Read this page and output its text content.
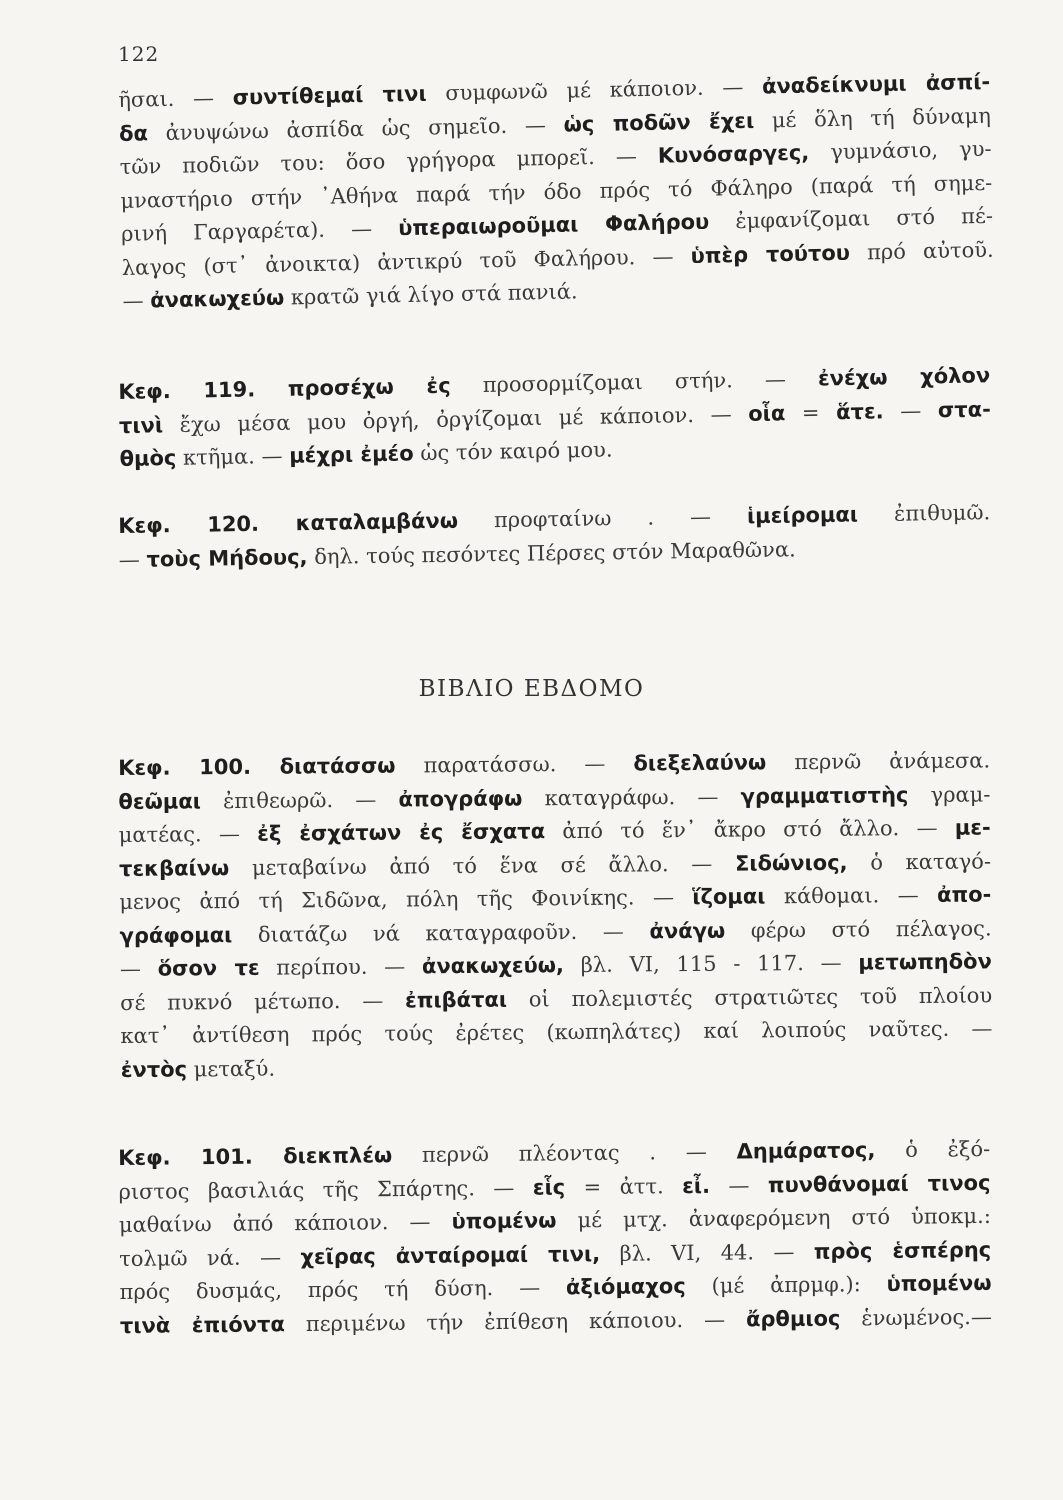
122
ῆσαι. — συντίθεμαί τινι συμφωνῶ μέ κάποιον. — ἀναδείκνυμι ἀσπί-
δα ἀνυψώνω ἀσπίδα ὡς σημεῖο. — ὡς ποδῶν ἔχει μέ ὅλη τή δύναμη
τῶν ποδιῶν του: ὅσο γρήγορα μπορεῖ. — Κυνόσαργες, γυμνάσιο, γυ-
μναστήριο στήν ᾿Αθήνα παρά τήν όδο πρός τό Φάληρο (παρά τή σημε-
ρινή Γαργαρέτα). — ὑπεραιωροῦμαι Φαλήρου ἐμφανίζομαι στό πέ-
λαγος (στ᾿ ἀνοικτα) ἀντικρύ τοῦ Φαλήρου. — ὑπὲρ τούτου πρό αὐτοῦ.
— ἀνακωχεύω κρατῶ γιά λίγο στά πανιά.
Κεφ. 119. προσέχω ἐς προσορμίζομαι στήν. — ἐνέχω χόλον
τινὶ ἔχω μέσα μου ὀργή, ὀργίζομαι μέ κάποιον. — οἷα = ἅτε. — στα-
θμὸς κτῆμα. — μέχρι ἐμέο ὡς τόν καιρό μου.
Κεφ. 120. καταλαμβάνω προφταίνω . — ἱμείρομαι ἐπιθυμῶ.
— τοὺς Μήδους, δηλ. τούς πεσόντες Πέρσες στόν Μαραθῶνα.
ΒΙΒΛΙΟ ΕΒΔΟΜΟ
Κεφ. 100. διατάσσω παρατάσσω. — διεξελαύνω περνῶ ἀνάμεσα.
θεῶμαι ἐπιθεωρῶ. — ἀπογράφω καταγράφω. — γραμματιστὴς γραμ-
ματέας. — ἐξ ἐσχάτων ἐς ἔσχατα ἀπό τό ἕν᾿ ἄκρο στό ἄλλο. — με-
τεκβαίνω μεταβαίνω ἀπό τό ἕνα σέ ἄλλο. — Σιδώνιος, ὁ καταγό-
μενος ἀπό τή Σιδῶνα, πόλη τῆς Φοινίκης. — ἵζομαι κάθομαι. — ἀπο-
γράφομαι διατάζω νά καταγραφοῦν. — ἀνάγω φέρω στό πέλαγος.
— ὅσον τε περίπου. — ἀνακωχεύω, βλ. VI, 115 - 117. — μετωπηδὸν
σέ πυκνό μέτωπο. — ἐπιβάται οἱ πολεμιστές στρατιῶτες τοῦ πλοίου
κατ᾿ ἀντίθεση πρός τούς ἐρέτες (κωπηλάτες) καί λοιπούς ναῦτες. —
ἐντὸς μεταξύ.
Κεφ. 101. διεκπλέω περνῶ πλέοντας . — Δημάρατος, ὁ ἐξό-
ριστος βασιλιάς τῆς Σπάρτης. — εἷς = ἀττ. εἶ. — πυνθάνομαί τινος
μαθαίνω ἀπό κάποιον. — ὑπομένω μέ μτχ. ἀναφερόμενη στό ὑποκμ.:
τολμῶ νά. — χεῖρας ἀνταίρομαί τινι, βλ. VI, 44. — πρὸς ἑσπέρης
πρός δυσμάς, πρός τή δύση. — ἀξιόμαχος (μέ ἀπρμφ.): ὑπομένω
τινὰ ἐπιόντα περιμένω τήν ἐπίθεση κάποιου. — ἄρθμιος ἑνωμένος.—
